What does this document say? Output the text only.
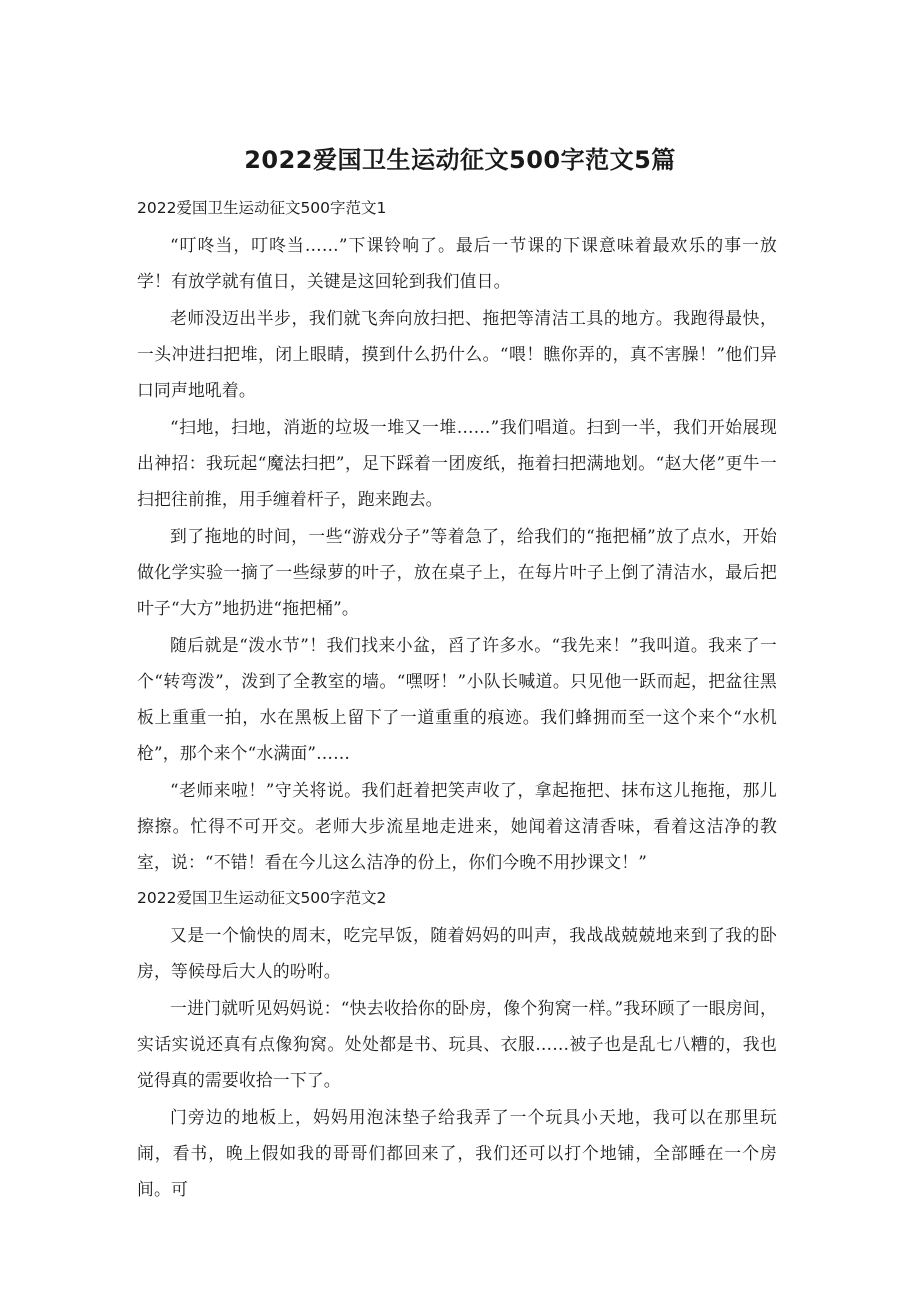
2022爱国卫生运动征文500字范文5篇

2022爱国卫生运动征文500字范文1

“叮咚当，叮咚当……”下课铃响了。最后一节课的下课意味着最欢乐的事一放学！有放学就有值日，关键是这回轮到我们值日。

老师没迈出半步，我们就飞奔向放扫把、拖把等清洁工具的地方。我跑得最快，一头冲进扫把堆，闭上眼睛，摸到什么扔什么。“喂！瞧你弄的，真不害臊！”他们异口同声地吼着。

“扫地，扫地，消逝的垃圾一堆又一堆……”我们唱道。扫到一半，我们开始展现出神招：我玩起“魔法扫把”，足下踩着一团废纸，拖着扫把满地划。“赵大佬”更牛一扫把往前推，用手缠着杆子，跑来跑去。

到了拖地的时间，一些“游戏分子”等着急了，给我们的“拖把桶”放了点水，开始做化学实验一摘了一些绿萝的叶子，放在桌子上，在每片叶子上倒了清洁水，最后把叶子“大方”地扔进“拖把桶”。

随后就是“泼水节”！我们找来小盆，舀了许多水。“我先来！”我叫道。我来了一个“转弯泼”，泼到了全教室的墙。“嘿呀！”小队长喊道。只见他一跃而起，把盆往黑板上重重一拍，水在黑板上留下了一道重重的痕迹。我们蜂拥而至一这个来个“水机枪”，那个来个“水满面”……

“老师来啦！”守关将说。我们赶着把笑声收了，拿起拖把、抹布这儿拖拖，那儿擦擦。忙得不可开交。老师大步流星地走进来，她闻着这清香味，看着这洁净的教室，说：“不错！看在今儿这么洁净的份上，你们今晚不用抄课文！”

2022爱国卫生运动征文500字范文2

又是一个愉快的周末，吃完早饭，随着妈妈的叫声，我战战兢兢地来到了我的卧房，等候母后大人的吩咐。

一进门就听见妈妈说：“快去收拾你的卧房，像个狗窝一样。”我环顾了一眼房间，实话实说还真有点像狗窝。处处都是书、玩具、衣服……被子也是乱七八糟的，我也觉得真的需要收拾一下了。

门旁边的地板上，妈妈用泡沫垫子给我弄了一个玩具小天地，我可以在那里玩闹，看书，晚上假如我的哥哥们都回来了，我们还可以打个地铺，全部睡在一个房间。可
